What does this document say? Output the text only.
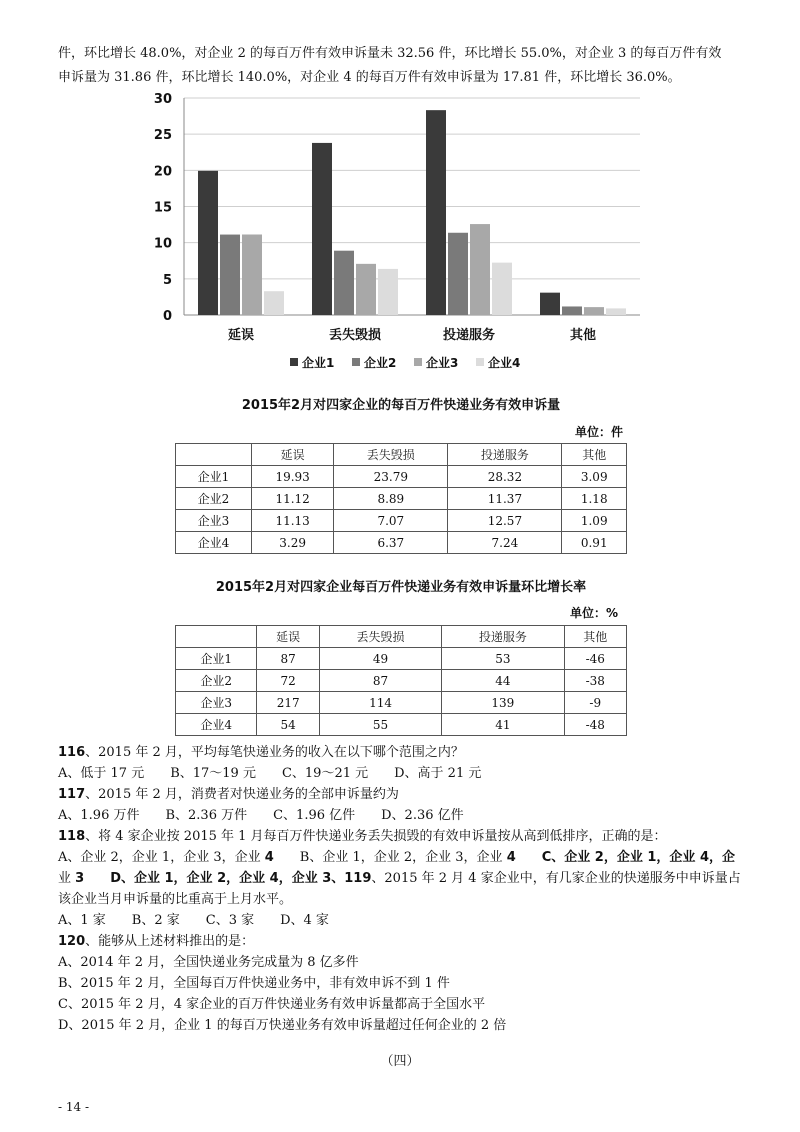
件，环比增长 48.0%，对企业 2 的每百万件有效申诉量未 32.56 件，环比增长 55.0%，对企业 3 的每百万件有效
申诉量为 31.86 件，环比增长 140.0%，对企业 4 的每百万件有效申诉量为 17.81 件，环比增长 36.0%。
0
5
10
15
20
25
30
延误	丢失毁损	投递服务	其他
企业1 企业2 企业3 企业4
2015年2月对四家企业的每百万件快递业务有效申诉量
单位：件
	延误	丢失毁损	投递服务	其他
企业1	19.93	23.79	28.32	3.09
企业2	11.12	8.89	11.37	1.18
企业3	11.13	7.07	12.57	1.09
企业4	3.29	6.37	7.24	0.91
2015年2月对四家企业每百万件快递业务有效申诉量环比增长率
单位：%
	延误	丢失毁损	投递服务	其他
企业1	87	49	53	-46
企业2	72	87	44	-38
企业3	217	114	139	-9
企业4	54	55	41	-48
116、2015 年 2 月，平均每笔快递业务的收入在以下哪个范围之内？
A、低于 17 元　　B、17～19 元　　C、19～21 元　　D、高于 21 元
117、2015 年 2 月，消费者对快递业务的全部申诉量约为
A、1.96 万件　　B、2.36 万件　　C、1.96 亿件　　D、2.36 亿件
118、将 4 家企业按 2015 年 1 月每百万件快递业务丢失损毁的有效申诉量按从高到低排序，正确的是：
A、企业 2，企业 1，企业 3，企业 4　　B、企业 1，企业 2，企业 3，企业 4　　C、企业 2，企业 1，企业 4，企
业 3　　D、企业 1，企业 2，企业 4，企业 3、119、2015 年 2 月 4 家企业中，有几家企业的快递服务中申诉量占
该企业当月申诉量的比重高于上月水平。
A、1 家　　B、2 家　　C、3 家　　D、4 家
120、能够从上述材料推出的是：
A、2014 年 2 月，全国快递业务完成量为 8 亿多件
B、2015 年 2 月，全国每百万件快递业务中，非有效申诉不到 1 件
C、2015 年 2 月，4 家企业的百万件快递业务有效申诉量都高于全国水平
D、2015 年 2 月，企业 1 的每百万快递业务有效申诉量超过任何企业的 2 倍
（四）
- 14 -
